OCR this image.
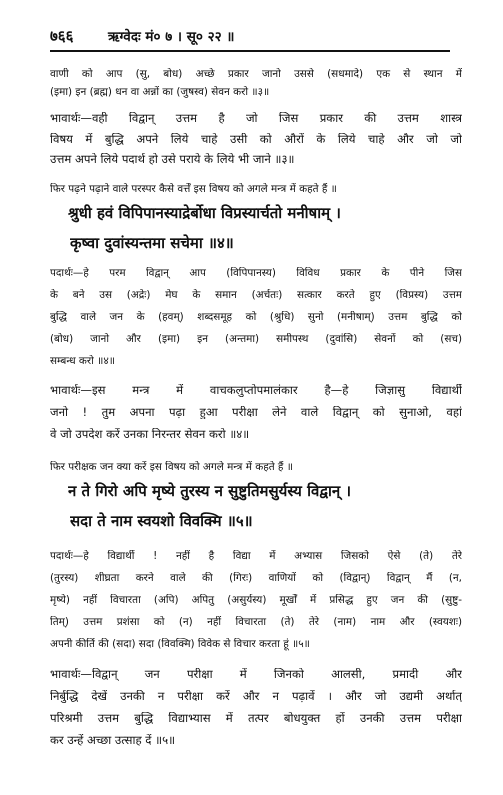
७६६	ऋग्वेदः मं० ७ । सू० २२ ॥
वाणी को आप (सु, बोध) अच्छे प्रकार जानो उससे (सधमादे) एक से स्थान में
(इमा) इन (ब्रह्म) धन वा अन्नों का (जुषस्व) सेवन करो ॥३॥
भावार्थः—वही विद्वान् उत्तम है जो जिस प्रकार की उत्तम शास्त्र
विषय में बुद्धि अपने लिये चाहे उसी को औरों के लिये चाहे और जो जो
उत्तम अपने लिये पदार्थ हो उसे पराये के लिये भी जाने ॥३॥
फिर पढ़ने पढ़ाने वाले परस्पर कैसे वर्त्तें इस विषय को अगले मन्त्र में कहते हैं ॥
श्रुधी हवं विपिपानस्याद्रेर्बोधा विप्रस्यार्चतो मनीषाम् ।
कृष्वा दुवांस्यन्तमा सचेमा ॥४॥
पदार्थः—हे परम विद्वान् आप (विपिपानस्य) विविध प्रकार के पीने जिस
के बने उस (अद्रेः) मेघ के समान (अर्चतः) सत्कार करते हुए (विप्रस्य) उत्तम
बुद्धि वाले जन के (हवम्) शब्दसमूह को (श्रुधि) सुनो (मनीषाम्) उत्तम बुद्धि को
(बोध) जानो और (इमा) इन (अन्तमा) समीपस्थ (दुवांसि) सेवनों को (सच)
सम्बन्ध करो ॥४॥
भावार्थः—इस मन्त्र में वाचकलुप्तोपमालंकार है—हे जिज्ञासु विद्यार्थी
जनो ! तुम अपना पढ़ा हुआ परीक्षा लेने वाले विद्वान् को सुनाओ, वहां
वे जो उपदेश करें उनका निरन्तर सेवन करो ॥४॥
फिर परीक्षक जन क्या करें इस विषय को अगले मन्त्र में कहते हैं ॥
न ते गिरो अपि मृष्ये तुरस्य न सुष्टुतिमसुर्यस्य विद्वान् ।
सदा ते नाम स्वयशो विवक्मि ॥५॥
पदार्थः—हे विद्यार्थी ! नहीं है विद्या में अभ्यास जिसको ऐसे (ते) तेरे
(तुरस्य) शीघ्रता करने वाले की (गिरः) वाणियों को (विद्वान्) विद्वान् मैं (न,
मृष्ये) नहीं विचारता (अपि) अपितु (असुर्यस्य) मूर्खों में प्रसिद्ध हुए जन की (सुष्टु-
तिम्) उत्तम प्रशंसा को (न) नहीं विचारता (ते) तेरे (नाम) नाम और (स्वयशः)
अपनी कीर्ति की (सदा) सदा (विवक्मि) विवेक से विचार करता हूं ॥५॥
भावार्थः—विद्वान् जन परीक्षा में जिनको आलसी, प्रमादी और
निर्बुद्धि देखें उनकी न परीक्षा करें और न पढ़ावें । और जो उद्यमी अर्थात्
परिश्रमी उत्तम बुद्धि विद्याभ्यास में तत्पर बोधयुक्त हों उनकी उत्तम परीक्षा
कर उन्हें अच्छा उत्साह दें ॥५॥
